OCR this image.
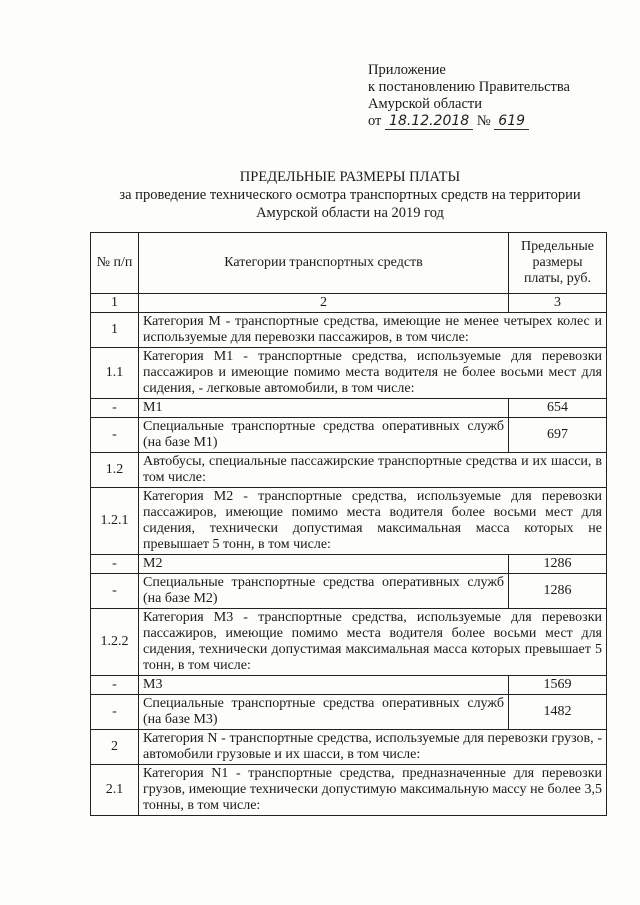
Приложение
к постановлению Правительства
Амурской области
от 18.12.2018 № 619
ПРЕДЕЛЬНЫЕ РАЗМЕРЫ ПЛАТЫ
за проведение технического осмотра транспортных средств на территории
Амурской области на 2019 год
№ п/п	Категории транспортных средств	Предельные размеры платы, руб.
1	2	3
1	Категория М - транспортные средства, имеющие не менее четырех колес и используемые для перевозки пассажиров, в том числе:	
1.1	Категория М1 - транспортные средства, используемые для перевозки пассажиров и имеющие помимо места водителя не более восьми мест для сидения, - легковые автомобили, в том числе:	
-	М1	654
-	Специальные транспортные средства оперативных служб (на базе М1)	697
1.2	Автобусы, специальные пассажирские транспортные средства и их шасси, в том числе:	
1.2.1	Категория М2 - транспортные средства, используемые для перевозки пассажиров, имеющие помимо места водителя более восьми мест для сидения, технически допустимая максимальная масса которых не превышает 5 тонн, в том числе:	
-	М2	1286
-	Специальные транспортные средства оперативных служб (на базе М2)	1286
1.2.2	Категория М3 - транспортные средства, используемые для перевозки пассажиров, имеющие помимо места водителя более восьми мест для сидения, технически допустимая максимальная масса которых превышает 5 тонн, в том числе:	
-	М3	1569
-	Специальные транспортные средства оперативных служб (на базе М3)	1482
2	Категория N - транспортные средства, используемые для перевозки грузов, - автомобили грузовые и их шасси, в том числе:	
2.1	Категория N1 - транспортные средства, предназначенные для перевозки грузов, имеющие технически допустимую максимальную массу не более 3,5 тонны, в том числе:	
